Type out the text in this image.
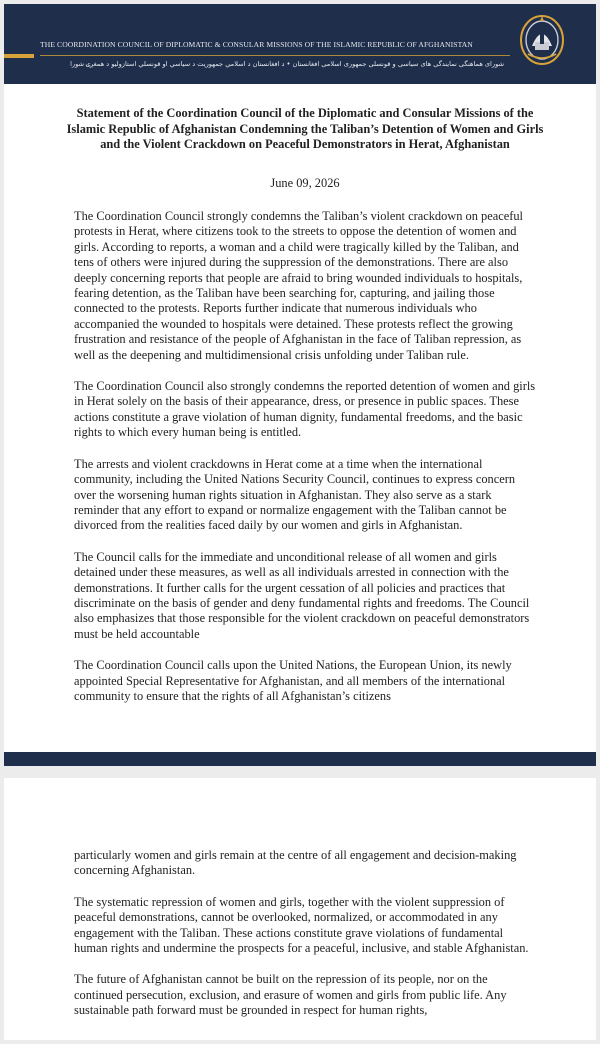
THE COORDINATION COUNCIL OF DIPLOMATIC & CONSULAR MISSIONS OF THE ISLAMIC REPUBLIC OF AFGHANISTAN
شورای هماهنگی نمایندگی های سیاسی و قونسلی جمهوری اسلامی افغانستان • د افغانستان د اسلامي جمهوریت د سیاسي او قونسلي استازولیو د همغږۍ شورا
Statement of the Coordination Council of the Diplomatic and Consular Missions of the Islamic Republic of Afghanistan Condemning the Taliban’s Detention of Women and Girls and the Violent Crackdown on Peaceful Demonstrators in Herat, Afghanistan
June 09, 2026

The Coordination Council strongly condemns the Taliban’s violent crackdown on peaceful protests in Herat, where citizens took to the streets to oppose the detention of women and girls. According to reports, a woman and a child were tragically killed by the Taliban, and tens of others were injured during the suppression of the demonstrations. There are also deeply concerning reports that people are afraid to bring wounded individuals to hospitals, fearing detention, as the Taliban have been searching for, capturing, and jailing those connected to the protests. Reports further indicate that numerous individuals who accompanied the wounded to hospitals were detained. These protests reflect the growing frustration and resistance of the people of Afghanistan in the face of Taliban repression, as well as the deepening and multidimensional crisis unfolding under Taliban rule.

The Coordination Council also strongly condemns the reported detention of women and girls in Herat solely on the basis of their appearance, dress, or presence in public spaces. These actions constitute a grave violation of human dignity, fundamental freedoms, and the basic rights to which every human being is entitled.

The arrests and violent crackdowns in Herat come at a time when the international community, including the United Nations Security Council, continues to express concern over the worsening human rights situation in Afghanistan. They also serve as a stark reminder that any effort to expand or normalize engagement with the Taliban cannot be divorced from the realities faced daily by our women and girls in Afghanistan.

The Council calls for the immediate and unconditional release of all women and girls detained under these measures, as well as all individuals arrested in connection with the demonstrations. It further calls for the urgent cessation of all policies and practices that discriminate on the basis of gender and deny fundamental rights and freedoms. The Council also emphasizes that those responsible for the violent crackdown on peaceful demonstrators must be held accountable

The Coordination Council calls upon the United Nations, the European Union, its newly appointed Special Representative for Afghanistan, and all members of the international community to ensure that the rights of all Afghanistan’s citizens

particularly women and girls remain at the centre of all engagement and decision-making concerning Afghanistan.

The systematic repression of women and girls, together with the violent suppression of peaceful demonstrations, cannot be overlooked, normalized, or accommodated in any engagement with the Taliban. These actions constitute grave violations of fundamental human rights and undermine the prospects for a peaceful, inclusive, and stable Afghanistan.

The future of Afghanistan cannot be built on the repression of its people, nor on the continued persecution, exclusion, and erasure of women and girls from public life. Any sustainable path forward must be grounded in respect for human rights,
